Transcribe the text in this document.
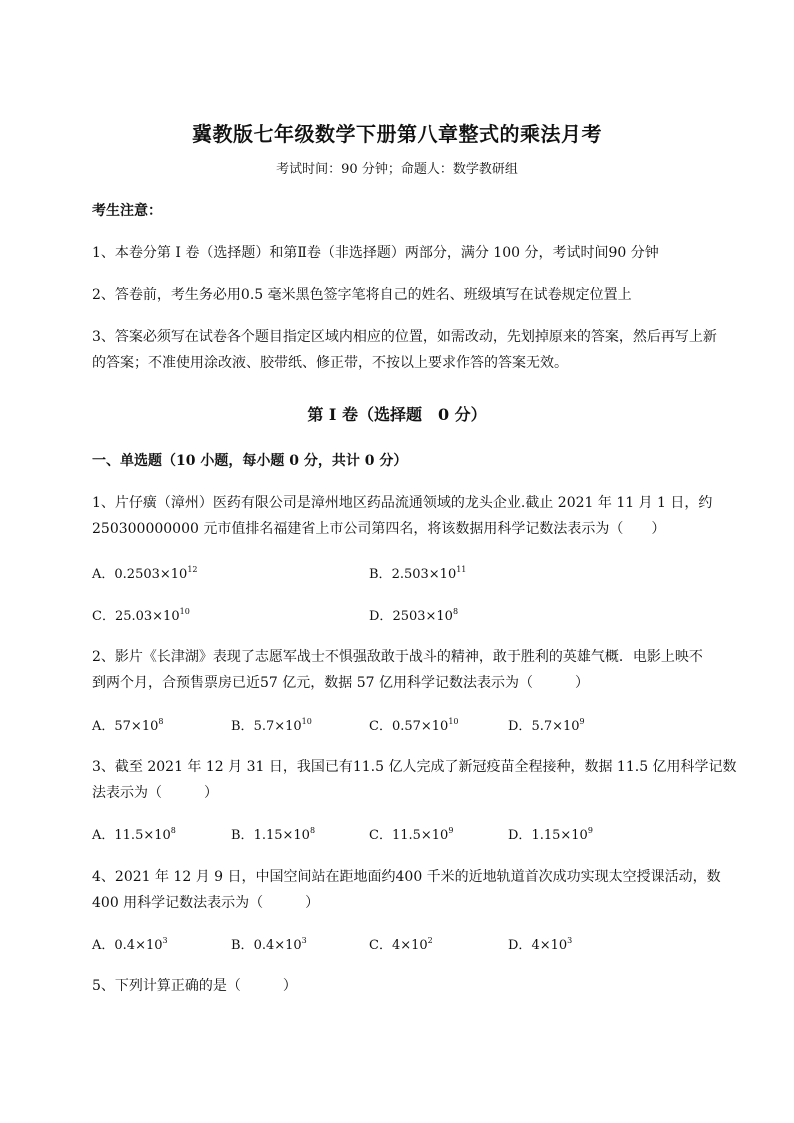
冀教版七年级数学下册第八章整式的乘法月考
考试时间：90 分钟；命题人：数学教研组
考生注意：
1、本卷分第 I 卷（选择题）和第Ⅱ卷（非选择题）两部分，满分 100 分，考试时间90 分钟
2、答卷前，考生务必用0.5 毫米黑色签字笔将自己的姓名、班级填写在试卷规定位置上
3、答案必须写在试卷各个题目指定区域内相应的位置，如需改动，先划掉原来的答案，然后再写上新
的答案；不准使用涂改液、胶带纸、修正带，不按以上要求作答的答案无效。
第 I 卷（选择题　0 分）
一、单选题（10 小题，每小题 0 分，共计 0 分）
1、片仔癀（漳州）医药有限公司是漳州地区药品流通领域的龙头企业.截止 2021 年 11 月 1 日，约
250300000000 元市值排名福建省上市公司第四名，将该数据用科学记数法表示为（　　）
A．$0.2503\times 10^{12}$	B．$2.503\times 10^{11}$
C．$25.03\times 10^{10}$	D．$2503\times 10^8$
2、影片《长津湖》表现了志愿军战士不惧强敌敢于战斗的精神，敢于胜利的英雄气概．电影上映不
到两个月，合预售票房已近57 亿元，数据 57 亿用科学记数法表示为（　　　）
A．$57\times 10^8$	B．$5.7\times 10^{10}$	C．$0.57\times 10^{10}$	D．$5.7\times 10^9$
3、截至 2021 年 12 月 31 日，我国已有11.5 亿人完成了新冠疫苗全程接种，数据 11.5 亿用科学记数
法表示为（　　　）
A．$11.5\times 10^8$	B．$1.15\times 10^8$	C．$11.5\times 10^9$	D．$1.15\times 10^9$
4、2021 年 12 月 9 日，中国空间站在距地面约400 千米的近地轨道首次成功实现太空授课活动，数
400 用科学记数法表示为（　　　）
A．$0.4\times 10^3$	B．$0.4\times 10^3$	C．$4\times 10^2$	D．$4\times 10^3$
5、下列计算正确的是（　　　）
